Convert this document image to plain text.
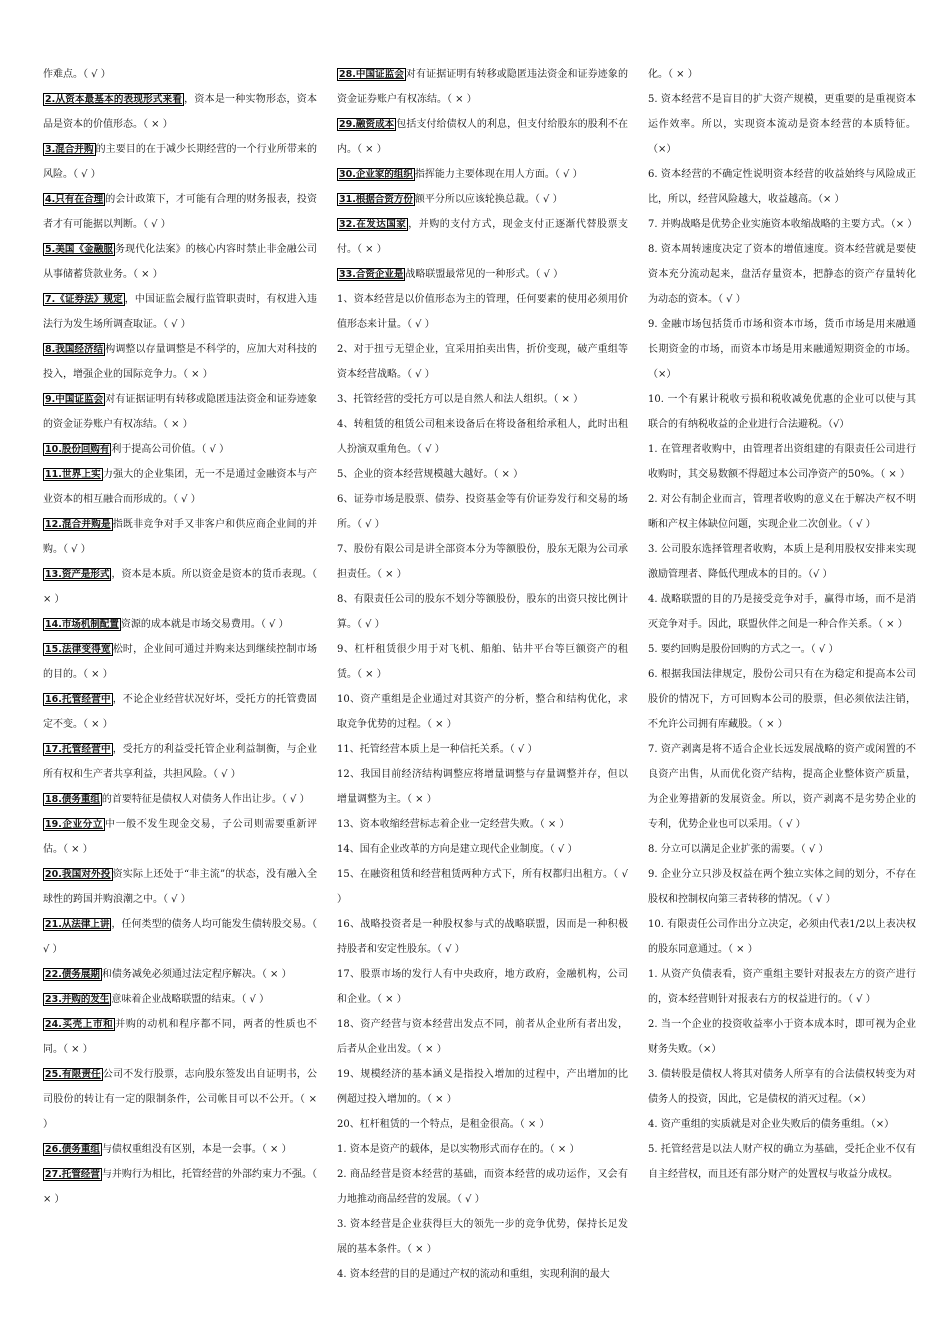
作难点。（ √ ）

2.从资本最基本的表现形式来看 ，资本是一种实物形态，资本品是资本的价值形态。（ × ）

3.混合并购 的主要目的在于减少长期经营的一个行业所带来的风险。（ √ ）

4.只有在合理 的会计政策下，才可能有合理的财务报表，投资者才有可能据以判断。（ √ ）

5.美国《金融服 务现代化法案》的核心内容时禁止非金融公司从事储蓄贷款业务。（ × ）

7.《证券法》规定 ，中国证监会履行监管职责时，有权进入违法行为发生场所调查取证。（ √ ）

8.我国经济结 构调整以存量调整是不科学的，应加大对科技的投入，增强企业的国际竞争力。（ × ）

9.中国证监会 对有证据证明有转移或隐匿违法资金和证券迹象的资金证券账户有权冻结。（ × ）

10.股份回购有 利于提高公司价值。（ √ ）

11.世界上实 力强大的企业集团，无一不是通过金融资本与产业资本的相互融合而形成的。（ √ ）

12.混合并购是 指既非竞争对手又非客户和供应商企业间的并购。（ √ ）

13.资产是形式 ，资本是本质。所以资金是资本的货币表现。（ × ）

14.市场机制配置 资源的成本就是市场交易费用。（ √ ）

15.法律变得宽 松时，企业间可通过并购来达到继续控制市场的目的。（ × ）

16.托管经营中 ，不论企业经营状况好坏，受托方的托管费固定不变。（ × ）

17.托管经营中 ，受托方的利益受托管企业利益制衡，与企业所有权和生产者共享利益，共担风险。（ √ ）

18.债务重组 的首要特征是债权人对债务人作出让步。（ √ ）

19.企业分立 中一般不发生现金交易，子公司则需要重新评估。（ × ）

20.我国对外投 资实际上还处于“非主流”的状态，没有融入全球性的跨国并购浪潮之中。（ √ ）

21.从法律上讲 ，任何类型的债务人均可能发生债转股交易。（ √ ）

22.债务展期 和债务减免必须通过法定程序解决。（ × ）

23.并购的发生 意味着企业战略联盟的结束。（ √ ）

24.买壳上市和 并购的动机和程序都不同，两者的性质也不同。（ × ）

25.有限责任 公司不发行股票，志向股东签发出自证明书，公司股份的转让有一定的限制条件，公司帐目可以不公开。（ × ）

26.债务重组 与债权重组没有区别，本是一会事。（ × ）

27.托管经营 与并购行为相比，托管经营的外部约束力不强。（ × ）

28.中国证监会 对有证据证明有转移或隐匿违法资金和证券迹象的资金证券账户有权冻结。（ × ）

29.融资成本 包括支付给债权人的利息，但支付给股东的股利不在内。（ × ）

30.企业家的组织 指挥能力主要体现在用人方面。（ √ ）

31.根据合资方份 额平分所以应该轮换总裁。（ √ ）

32.在发达国家 ，并购的支付方式，现金支付正逐渐代替股票支付。（ × ）

33.合资企业是 战略联盟最常见的一种形式。（ √ ）

1、资本经营是以价值形态为主的管理，任何要素的使用必须用价值形态来计量。（ √ ）

2、对于扭亏无望企业，宜采用拍卖出售，折价变现，破产重组等资本经营战略。（ √ ）

3、托管经营的受托方可以是自然人和法人组织。（ × ）

4、转租赁的租赁公司租来设备后在将设备租给承租人，此时出租人扮演双重角色。（ √ ）

5、企业的资本经营规模越大越好。（ × ）

6、证券市场是股票、债券、投资基金等有价证券发行和交易的场所。（ √ ）

7、股份有限公司是讲全部资本分为等额股份，股东无限为公司承担责任。（ × ）

8、有限责任公司的股东不划分等额股份，股东的出资只按比例计算。（ √ ）

9、杠杆租赁很少用于对飞机、船舶、钻井平台等巨额资产的租赁。（ × ）

10、资产重组是企业通过对其资产的分析，整合和结构优化，求取竞争优势的过程。（ × ）

11、托管经营本质上是一种信托关系。（ √ ）

12、我国目前经济结构调整应将增量调整与存量调整并存，但以增量调整为主。（ × ）

13、资本收缩经营标志着企业一定经营失败。（ × ）

14、国有企业改革的方向是建立现代企业制度。（ √ ）

15、在融资租赁和经营租赁两种方式下，所有权都归出租方。（ √ ）

16、战略投资者是一种股权参与式的战略联盟，因而是一种积极持股者和安定性股东。（ √ ）

17、股票市场的发行人有中央政府，地方政府，金融机构，公司和企业。（ × ）

18、资产经营与资本经营出发点不同，前者从企业所有者出发，后者从企业出发。（ × ）

19、规模经济的基本涵义是指投入增加的过程中，产出增加的比例超过投入增加的。（ × ）

20、杠杆租赁的一个特点，是租金很高。（ × ）

1. 资本是资产的载体，是以实物形式而存在的。（ × ）

2. 商品经营是资本经营的基础，而资本经营的成功运作，又会有力地推动商品经营的发展。（ √ ）

3. 资本经营是企业获得巨大的领先一步的竞争优势，保持长足发展的基本条件。（ × ）

4. 资本经营的目的是通过产权的流动和重组，实现利润的最大

化。（ × ）

5. 资本经营不是盲目的扩大资产规模，更重要的是重视资本运作效率。所以，实现资本流动是资本经营的本质特征。（×）

6. 资本经营的不确定性说明资本经营的收益始终与风险成正比，所以，经营风险越大，收益越高。（× ）

7. 并购战略是优势企业实施资本收缩战略的主要方式。（× ）

8. 资本周转速度决定了资本的增值速度。资本经营就是要使资本充分流动起来，盘活存量资本，把静态的资产存量转化为动态的资本。（ √ ）

9. 金融市场包括货币市场和资本市场，货币市场是用来融通长期资金的市场，而资本市场是用来融通短期资金的市场。（×）

10. 一个有累计税收亏损和税收减免优惠的企业可以使与其联合的有纳税收益的企业进行合法避税。（√）

1. 在管理者收购中，由管理者出资组建的有限责任公司进行收购时，其交易数额不得超过本公司净资产的50%。（ × ）

2. 对公有制企业而言，管理者收购的意义在于解决产权不明晰和产权主体缺位问题，实现企业二次创业。（ √ ）

3. 公司股东选择管理者收购，本质上是利用股权安排来实现激励管理者、降低代理成本的目的。（√ ）

4. 战略联盟的目的乃是接受竞争对手，赢得市场，而不是消灭竞争对手。因此，联盟伙伴之间是一种合作关系。（ × ）

5. 要约回购是股份回购的方式之一。（ √ ）

6. 根据我国法律规定，股份公司只有在为稳定和提高本公司股价的情况下，方可回购本公司的股票，但必须依法注销，不允许公司拥有库藏股。（ × ）

7. 资产剥离是将不适合企业长远发展战略的资产或闲置的不良资产出售，从而优化资产结构，提高企业整体资产质量，为企业筹措新的发展资金。所以，资产剥离不是劣势企业的专利，优势企业也可以采用。（ √ ）

8. 分立可以满足企业扩张的需要。（ √ ）

9. 企业分立只涉及权益在两个独立实体之间的划分，不存在股权和控制权向第三者转移的情况。（ √ ）

10. 有限责任公司作出分立决定，必须由代表1/2以上表决权的股东同意通过。（ × ）

1. 从资产负债表看，资产重组主要针对报表左方的资产进行的，资本经营则针对报表右方的权益进行的。（ √ ）

2. 当一个企业的投资收益率小于资本成本时，即可视为企业财务失败。（×）

3. 债转股是债权人将其对债务人所享有的合法债权转变为对债务人的投资，因此，它是债权的消灭过程。（×）

4. 资产重组的实质就是对企业失败后的债务重组。（×）

5. 托管经营是以法人财产权的确立为基础，受托企业不仅有自主经营权，而且还有部分财产的处置权与收益分成权。
